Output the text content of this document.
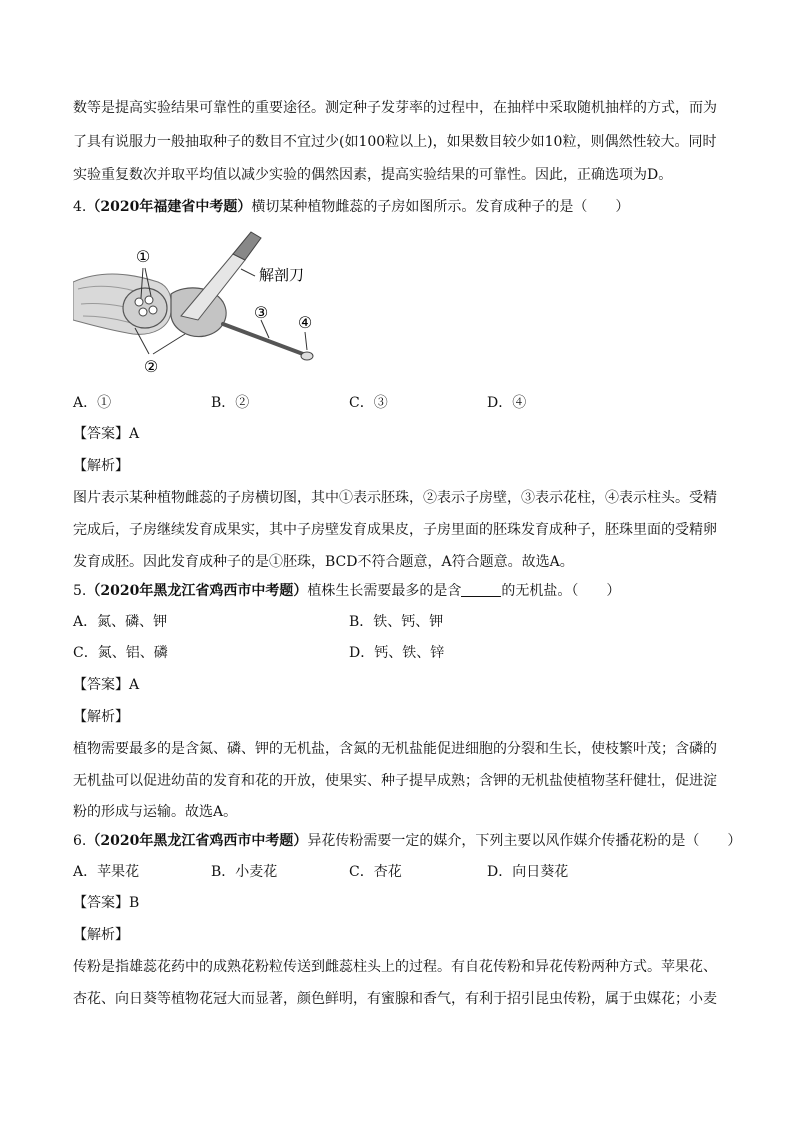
数等是提高实验结果可靠性的重要途径。测定种子发芽率的过程中，在抽样中采取随机抽样的方式，而为
了具有说服力一般抽取种子的数目不宜过少(如100粒以上)，如果数目较少如10粒，则偶然性较大。同时
实验重复数次并取平均值以减少实验的偶然因素，提高实验结果的可靠性。因此，正确选项为D。
4.（2020年福建省中考题）横切某种植物雌蕊的子房如图所示。发育成种子的是（　　）
①
②
③
④
解剖刀
A．①	B．②	C．③	D．④
【答案】A
【解析】
图片表示某种植物雌蕊的子房横切图，其中①表示胚珠，②表示子房壁，③表示花柱，④表示柱头。受精
完成后，子房继续发育成果实，其中子房壁发育成果皮，子房里面的胚珠发育成种子，胚珠里面的受精卵
发育成胚。因此发育成种子的是①胚珠，BCD不符合题意，A符合题意。故选A。
5.（2020年黑龙江省鸡西市中考题）植株生长需要最多的是含	的无机盐。（　　）
A．氮、磷、钾	B．铁、钙、钾
C．氮、铝、磷	D．钙、铁、锌
【答案】A
【解析】
植物需要最多的是含氮、磷、钾的无机盐，含氮的无机盐能促进细胞的分裂和生长，使枝繁叶茂；含磷的
无机盐可以促进幼苗的发育和花的开放，使果实、种子提早成熟；含钾的无机盐使植物茎秆健壮，促进淀
粉的形成与运输。故选A。
6.（2020年黑龙江省鸡西市中考题）异花传粉需要一定的媒介，下列主要以风作媒介传播花粉的是（　　）
A．苹果花	B．小麦花	C．杏花	D．向日葵花
【答案】B
【解析】
传粉是指雄蕊花药中的成熟花粉粒传送到雌蕊柱头上的过程。有自花传粉和异花传粉两种方式。苹果花、
杏花、向日葵等植物花冠大而显著，颜色鲜明，有蜜腺和香气，有利于招引昆虫传粉，属于虫媒花；小麦
